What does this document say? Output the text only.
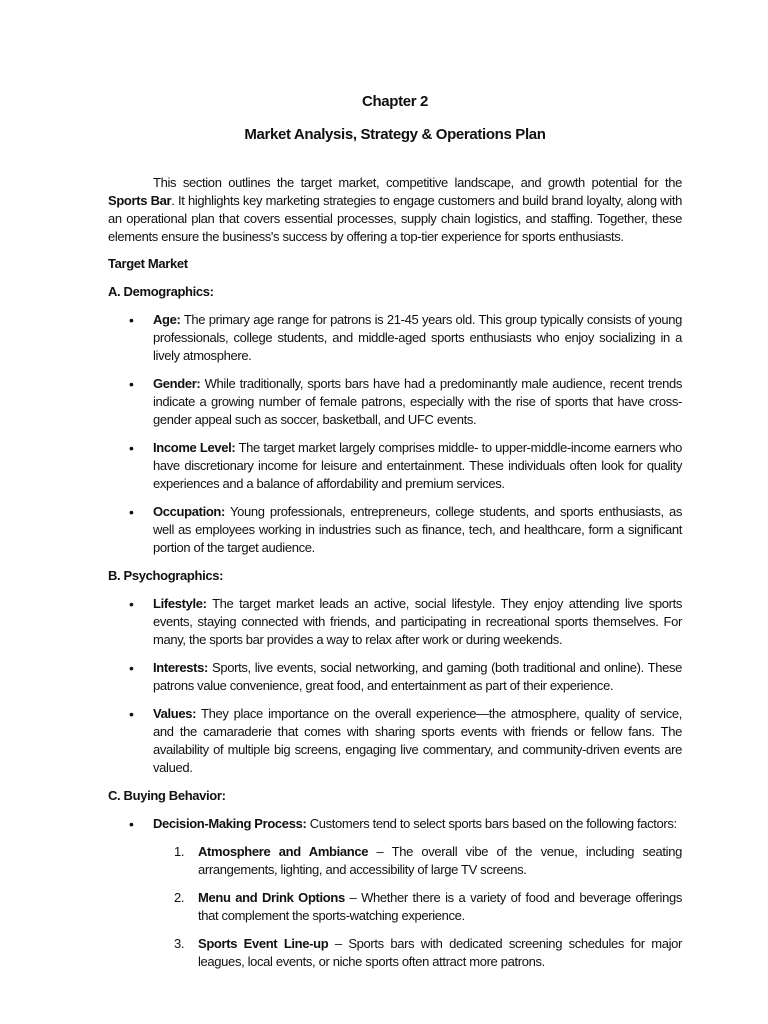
Chapter 2

Market Analysis, Strategy & Operations Plan

This section outlines the target market, competitive landscape, and growth potential for the Sports Bar. It highlights key marketing strategies to engage customers and build brand loyalty, along with an operational plan that covers essential processes, supply chain logistics, and staffing. Together, these elements ensure the business's success by offering a top-tier experience for sports enthusiasts.

Target Market

A. Demographics:

• Age: The primary age range for patrons is 21-45 years old. This group typically consists of young professionals, college students, and middle-aged sports enthusiasts who enjoy socializing in a lively atmosphere.
• Gender: While traditionally, sports bars have had a predominantly male audience, recent trends indicate a growing number of female patrons, especially with the rise of sports that have cross-gender appeal such as soccer, basketball, and UFC events.
• Income Level: The target market largely comprises middle- to upper-middle-income earners who have discretionary income for leisure and entertainment. These individuals often look for quality experiences and a balance of affordability and premium services.
• Occupation: Young professionals, entrepreneurs, college students, and sports enthusiasts, as well as employees working in industries such as finance, tech, and healthcare, form a significant portion of the target audience.

B. Psychographics:

• Lifestyle: The target market leads an active, social lifestyle. They enjoy attending live sports events, staying connected with friends, and participating in recreational sports themselves. For many, the sports bar provides a way to relax after work or during weekends.
• Interests: Sports, live events, social networking, and gaming (both traditional and online). These patrons value convenience, great food, and entertainment as part of their experience.
• Values: They place importance on the overall experience—the atmosphere, quality of service, and the camaraderie that comes with sharing sports events with friends or fellow fans. The availability of multiple big screens, engaging live commentary, and community-driven events are valued.

C. Buying Behavior:

• Decision-Making Process: Customers tend to select sports bars based on the following factors:
1. Atmosphere and Ambiance – The overall vibe of the venue, including seating arrangements, lighting, and accessibility of large TV screens.
2. Menu and Drink Options – Whether there is a variety of food and beverage offerings that complement the sports-watching experience.
3. Sports Event Line-up – Sports bars with dedicated screening schedules for major leagues, local events, or niche sports often attract more patrons.
